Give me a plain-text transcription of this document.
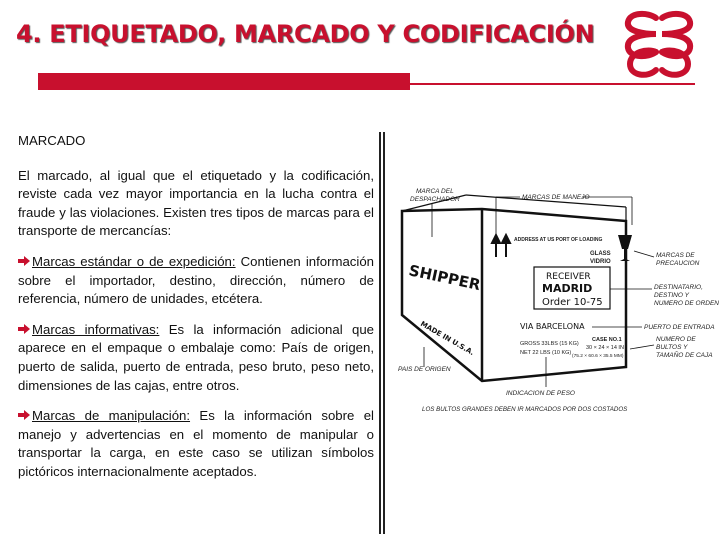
4. ETIQUETADO, MARCADO Y CODIFICACIÓN

MARCADO

El marcado, al igual que el etiquetado y la codificación, reviste cada vez mayor importancia en la lucha contra el fraude y las violaciones. Existen tres tipos de marcas para el transporte de mercancías:

Marcas estándar o de expedición: Contienen información sobre el importador, destino, dirección, número de referencia, número de unidades, etcétera.

Marcas informativas: Es la información adicional que aparece en el empaque o embalaje como: País de origen, puerto de salida, puerto de entrada, peso bruto, peso neto, dimensiones de las cajas, entre otros.

Marcas de manipulación: Es la información sobre el manejo y advertencias en el momento de manipular o transportar la carga, en este caso se utilizan símbolos pictóricos internacionalmente aceptados.

MARCA DEL
DESPACHADOR	MARCAS DE MANEJO
ADDRESS AT US PORT OF LOADING
GLASS
VIDRIO
MARCAS DE
PRECAUCION
SHIPPER	RECEIVER
MADRID
Order 10-75
DESTINATARIO,
DESTINO Y
NUMERO DE ORDEN
VIA BARCELONA	PUERTO DE ENTRADA
MADE IN U.S.A.	GROSS 33LBS (15 KG)
NET 22 LBS (10 KG)
CASE NO.1
30 × 24 × 14 IN
(75.2 × 60.6 × 35.5 MM)
NUMERO DE
BULTOS Y
TAMAÑO DE CAJA
PAIS DE ORIGEN
INDICACION DE PESO
LOS BULTOS GRANDES DEBEN IR MARCADOS POR DOS COSTADOS
